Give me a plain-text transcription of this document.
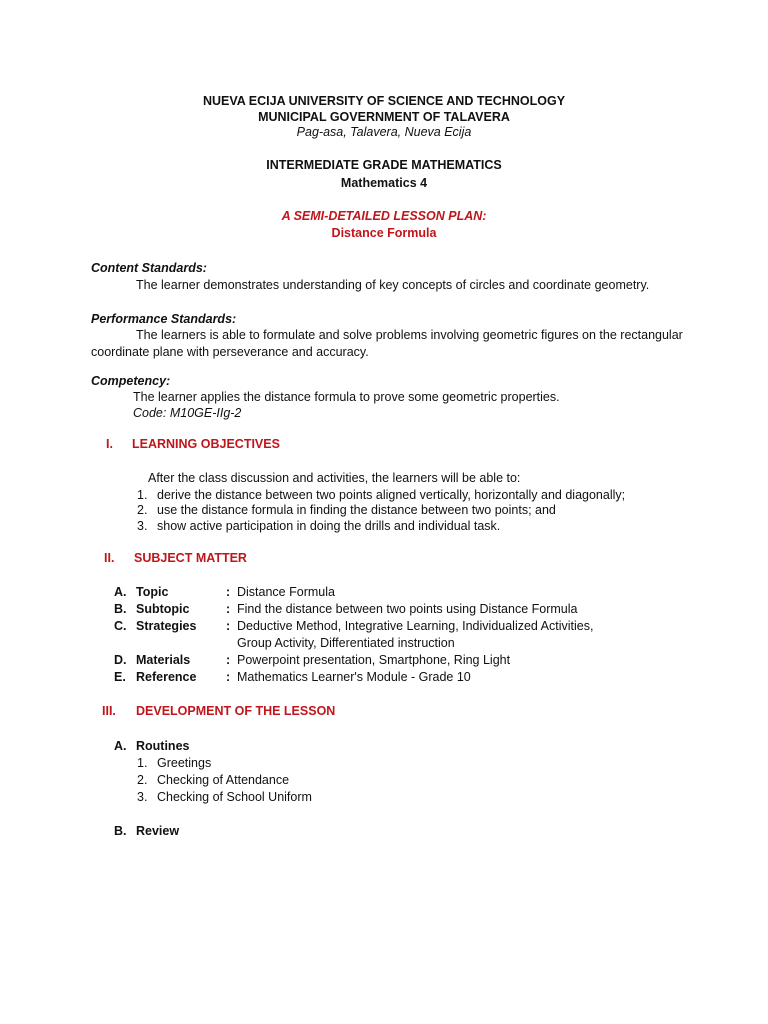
NUEVA ECIJA UNIVERSITY OF SCIENCE AND TECHNOLOGY
MUNICIPAL GOVERNMENT OF TALAVERA
Pag-asa, Talavera, Nueva Ecija
INTERMEDIATE GRADE MATHEMATICS
Mathematics 4
A SEMI-DETAILED LESSON PLAN:
Distance Formula
Content Standards:
The learner demonstrates understanding of key concepts of circles and coordinate geometry.
Performance Standards:
The learners is able to formulate and solve problems involving geometric figures on the rectangular
coordinate plane with perseverance and accuracy.
Competency:
The learner applies the distance formula to prove some geometric properties.
Code: M10GE-IIg-2
I. LEARNING OBJECTIVES
After the class discussion and activities, the learners will be able to:
1. derive the distance between two points aligned vertically, horizontally and diagonally;
2. use the distance formula in finding the distance between two points; and
3. show active participation in doing the drills and individual task.
II. SUBJECT MATTER
A. Topic	: Distance Formula
B. Subtopic	: Find the distance between two points using Distance Formula
C. Strategies : Deductive Method, Integrative Learning, Individualized Activities,
Group Activity, Differentiated instruction
D. Materials	: Powerpoint presentation, Smartphone, Ring Light
E. Reference : Mathematics Learner's Module - Grade 10
III. DEVELOPMENT OF THE LESSON
A. Routines
1. Greetings
2. Checking of Attendance
3. Checking of School Uniform
B. Review
